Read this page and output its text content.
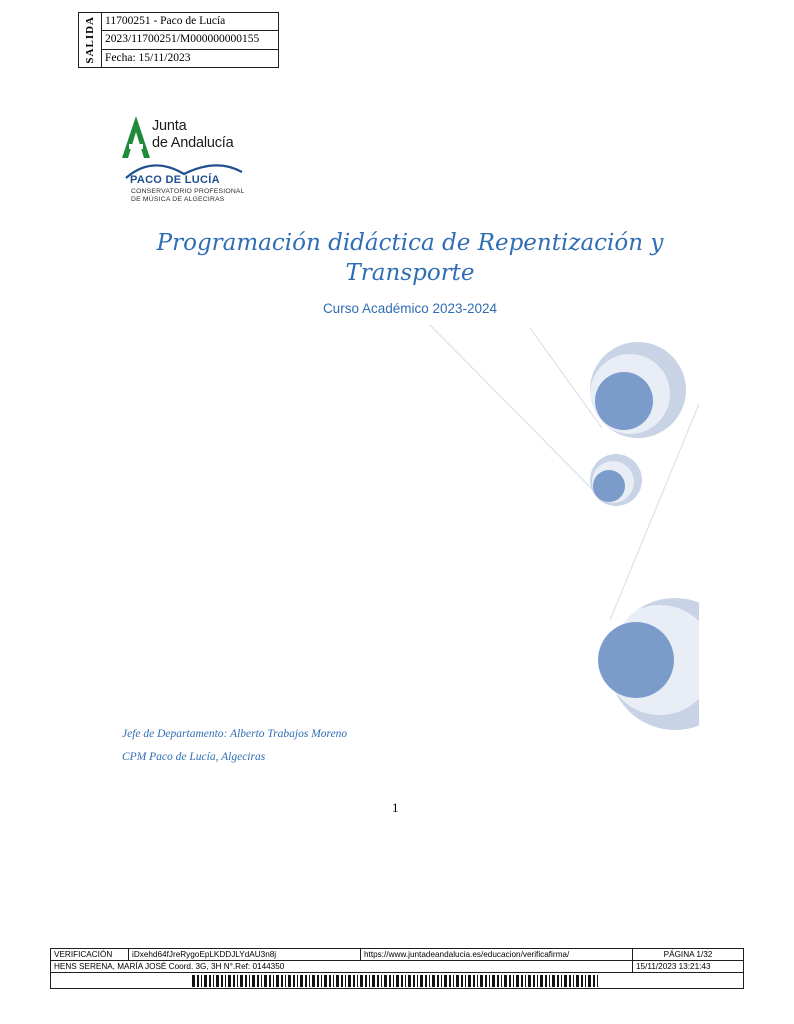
SALIDA 11700251 - Paco de Lucía
2023/11700251/M000000000155
Fecha: 15/11/2023
Junta
de Andalucía
PACO DE LUCÍA
CONSERVATORIO PROFESIONAL
DE MÚSICA DE ALGECIRAS
Programación didáctica de Repentización y
Transporte
Curso Académico 2023-2024
Jefe de Departamento: Alberto Trabajos Moreno
CPM Paco de Lucía, Algeciras
1
VERIFICACIÓN	iDxehd64fJreRygoEpLKDDJLYdAU3n8j	https://www.juntadeandalucia.es/educacion/verificafirma/	PÁGINA 1/32
HENS SERENA, MARÍA JOSÉ Coord. 3G, 3H N°.Ref: 0144350			15/11/2023 13:21:43
